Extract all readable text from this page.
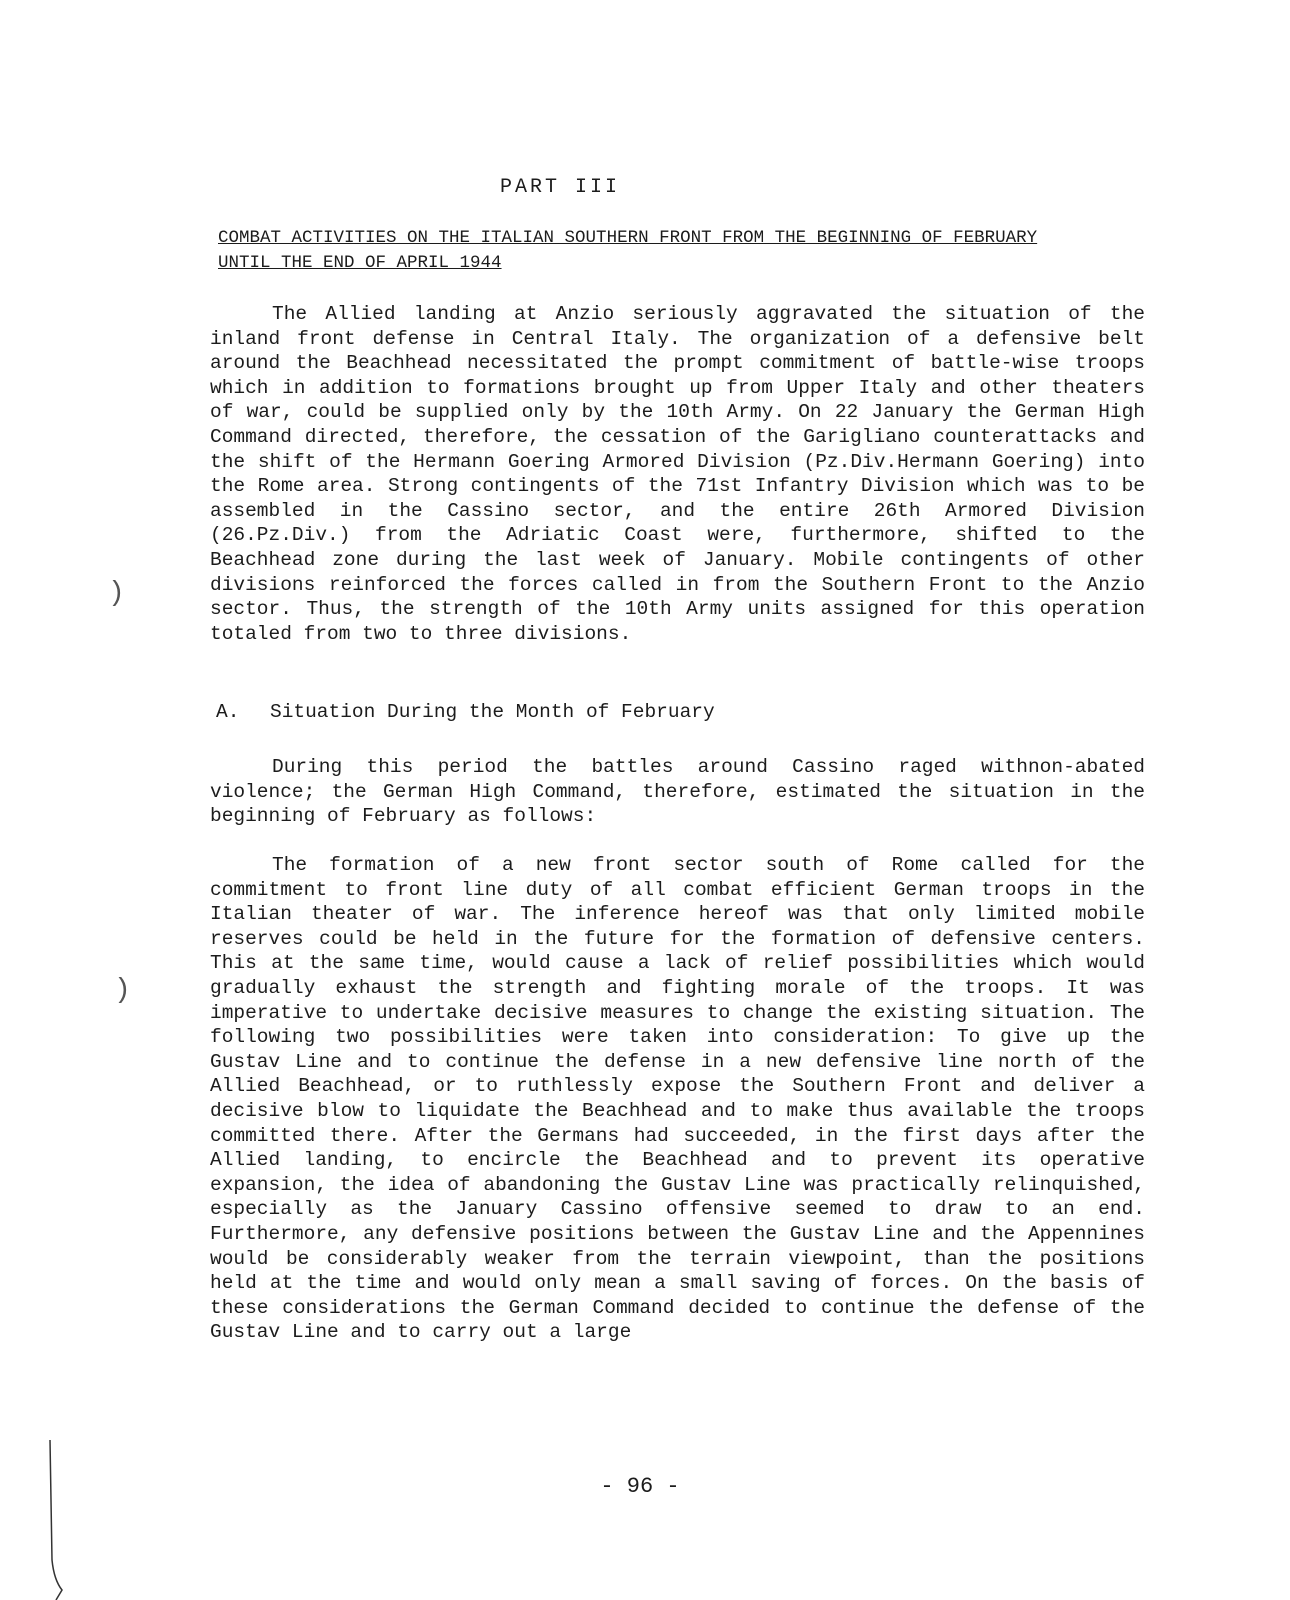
PART III
COMBAT ACTIVITIES ON THE ITALIAN SOUTHERN FRONT FROM THE BEGINNING OF FEBRUARY UNTIL THE END OF APRIL 1944

The Allied landing at Anzio seriously aggravated the situation of the inland front defense in Central Italy. The organization of a defensive belt around the Beachhead necessitated the prompt commitment of battle-wise troops which in addition to formations brought up from Upper Italy and other theaters of war, could be supplied only by the 10th Army. On 22 January the German High Command directed, therefore, the cessation of the Garigliano counterattacks and the shift of the Hermann Goering Armored Division (Pz.Div.Hermann Goering) into the Rome area. Strong contingents of the 71st Infantry Division which was to be assembled in the Cassino sector, and the entire 26th Armored Division (26.Pz.Div.) from the Adriatic Coast were, furthermore, shifted to the Beachhead zone during the last week of January. Mobile contingents of other divisions reinforced the forces called in from the Southern Front to the Anzio sector. Thus, the strength of the 10th Army units assigned for this operation totaled from two to three divisions.

A. Situation During the Month of February

During this period the battles around Cassino raged withnon-abated violence; the German High Command, therefore, estimated the situation in the beginning of February as follows:

The formation of a new front sector south of Rome called for the commitment to front line duty of all combat efficient German troops in the Italian theater of war. The inference hereof was that only limited mobile reserves could be held in the future for the formation of defensive centers. This at the same time, would cause a lack of relief possibilities which would gradually exhaust the strength and fighting morale of the troops. It was imperative to undertake decisive measures to change the existing situation. The following two possibilities were taken into consideration: To give up the Gustav Line and to continue the defense in a new defensive line north of the Allied Beachhead, or to ruthlessly expose the Southern Front and deliver a decisive blow to liquidate the Beachhead and to make thus available the troops committed there. After the Germans had succeeded, in the first days after the Allied landing, to encircle the Beachhead and to prevent its operative expansion, the idea of abandoning the Gustav Line was practically relinquished, especially as the January Cassino offensive seemed to draw to an end. Furthermore, any defensive positions between the Gustav Line and the Appennines would be considerably weaker from the terrain viewpoint, than the positions held at the time and would only mean a small saving of forces. On the basis of these considerations the German Command decided to continue the defense of the Gustav Line and to carry out a large

- 96 -
)
)
